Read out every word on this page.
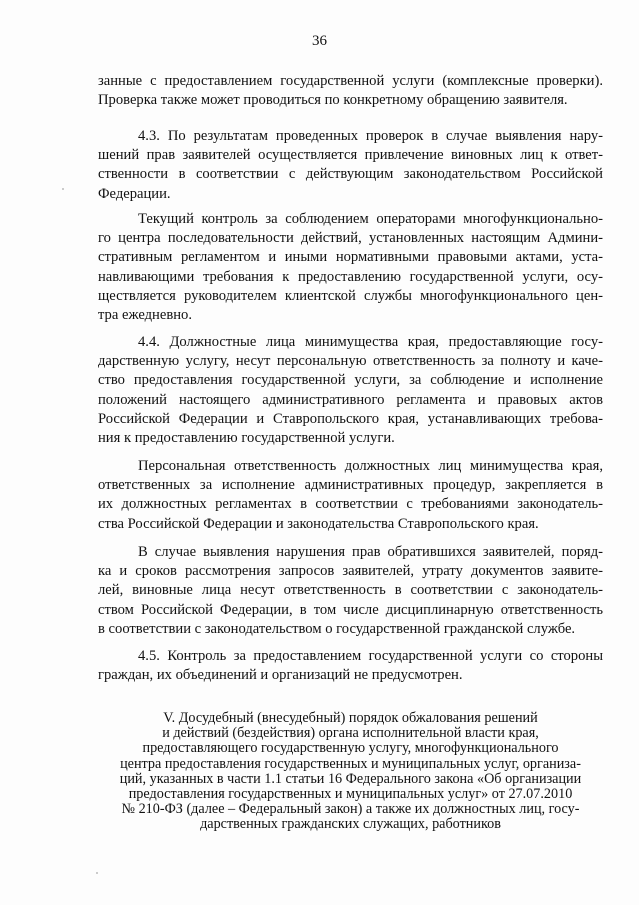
36

занные с предоставлением государственной услуги (комплексные проверки).
Проверка также может проводиться по конкретному обращению заявителя.

4.3. По результатам проведенных проверок в случае выявления нару-
шений прав заявителей осуществляется привлечение виновных лиц к ответ-
ственности в соответствии с действующим законодательством Российской
Федерации.

Текущий контроль за соблюдением операторами многофункционально-
го центра последовательности действий, установленных настоящим Админи-
стративным регламентом и иными нормативными правовыми актами, уста-
навливающими требования к предоставлению государственной услуги, осу-
ществляется руководителем клиентской службы многофункционального цен-
тра ежедневно.

4.4. Должностные лица минимущества края, предоставляющие госу-
дарственную услугу, несут персональную ответственность за полноту и каче-
ство предоставления государственной услуги, за соблюдение и исполнение
положений настоящего административного регламента и правовых актов
Российской Федерации и Ставропольского края, устанавливающих требова-
ния к предоставлению государственной услуги.

Персональная ответственность должностных лиц минимущества края,
ответственных за исполнение административных процедур, закрепляется в
их должностных регламентах в соответствии с требованиями законодатель-
ства Российской Федерации и законодательства Ставропольского края.

В случае выявления нарушения прав обратившихся заявителей, поряд-
ка и сроков рассмотрения запросов заявителей, утрату документов заявите-
лей, виновные лица несут ответственность в соответствии с законодатель-
ством Российской Федерации, в том числе дисциплинарную ответственность
в соответствии с законодательством о государственной гражданской службе.

4.5. Контроль за предоставлением государственной услуги со стороны
граждан, их объединений и организаций не предусмотрен.

V. Досудебный (внесудебный) порядок обжалования решений
и действий (бездействия) органа исполнительной власти края,
предоставляющего государственную услугу, многофункционального
центра предоставления государственных и муниципальных услуг, организа-
ций, указанных в части 1.1 статьи 16 Федерального закона «Об организации
предоставления государственных и муниципальных услуг» от 27.07.2010
№ 210-ФЗ (далее – Федеральный закон) а также их должностных лиц, госу-
дарственных гражданских служащих, работников
